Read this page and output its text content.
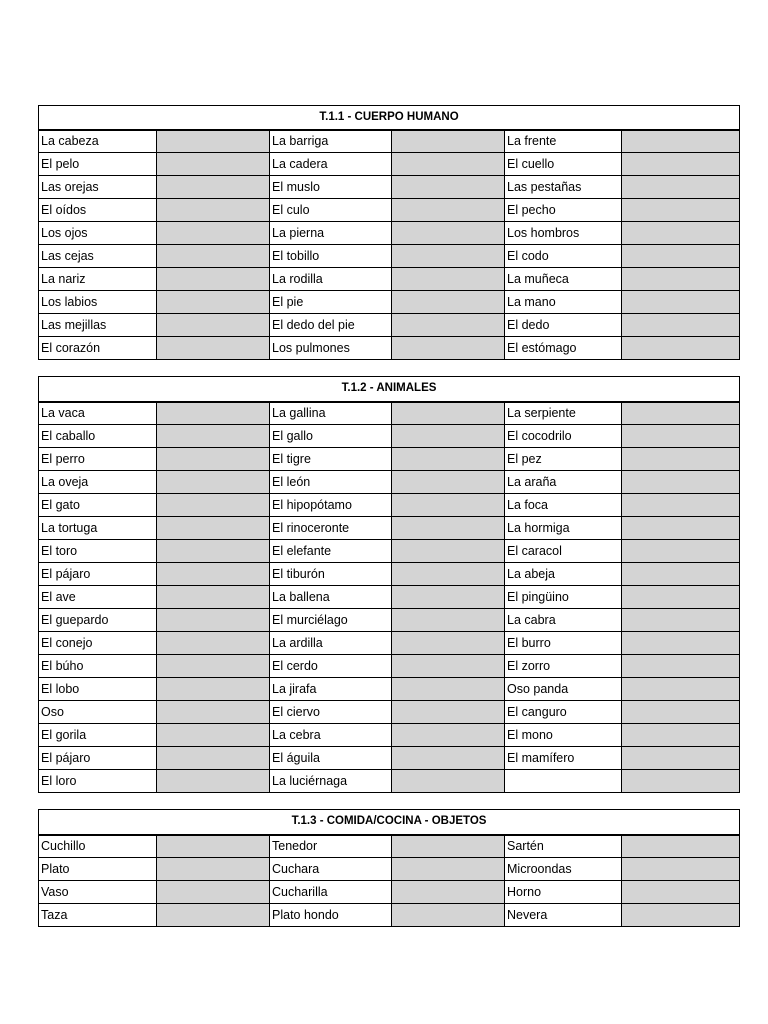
T.1.1 - CUERPO HUMANO					
La cabeza		La barriga		La frente	
El pelo		La cadera		El cuello	
Las orejas		El muslo		Las pestañas	
El oídos		El culo		El pecho	
Los ojos		La pierna		Los hombros	
Las cejas		El tobillo		El codo	
La nariz		La rodilla		La muñeca	
Los labios		El pie		La mano	
Las mejillas		El dedo del pie		El dedo	
El corazón		Los pulmones		El estómago	
T.1.2 - ANIMALES					
La vaca		La gallina		La serpiente	
El caballo		El gallo		El cocodrilo	
El perro		El tigre		El pez	
La oveja		El león		La araña	
El gato		El hipopótamo		La foca	
La tortuga		El rinoceronte		La hormiga	
El toro		El elefante		El caracol	
El pájaro		El tiburón		La abeja	
El ave		La ballena		El pingüino	
El guepardo		El murciélago		La cabra	
El conejo		La ardilla		El burro	
El búho		El cerdo		El zorro	
El lobo		La jirafa		Oso panda	
Oso		El ciervo		El canguro	
El gorila		La cebra		El mono	
El pájaro		El águila		El mamífero	
El loro		La luciérnaga			
T.1.3 - COMIDA/COCINA - OBJETOS					
Cuchillo		Tenedor		Sartén	
Plato		Cuchara		Microondas	
Vaso		Cucharilla		Horno	
Taza		Plato hondo		Nevera	
